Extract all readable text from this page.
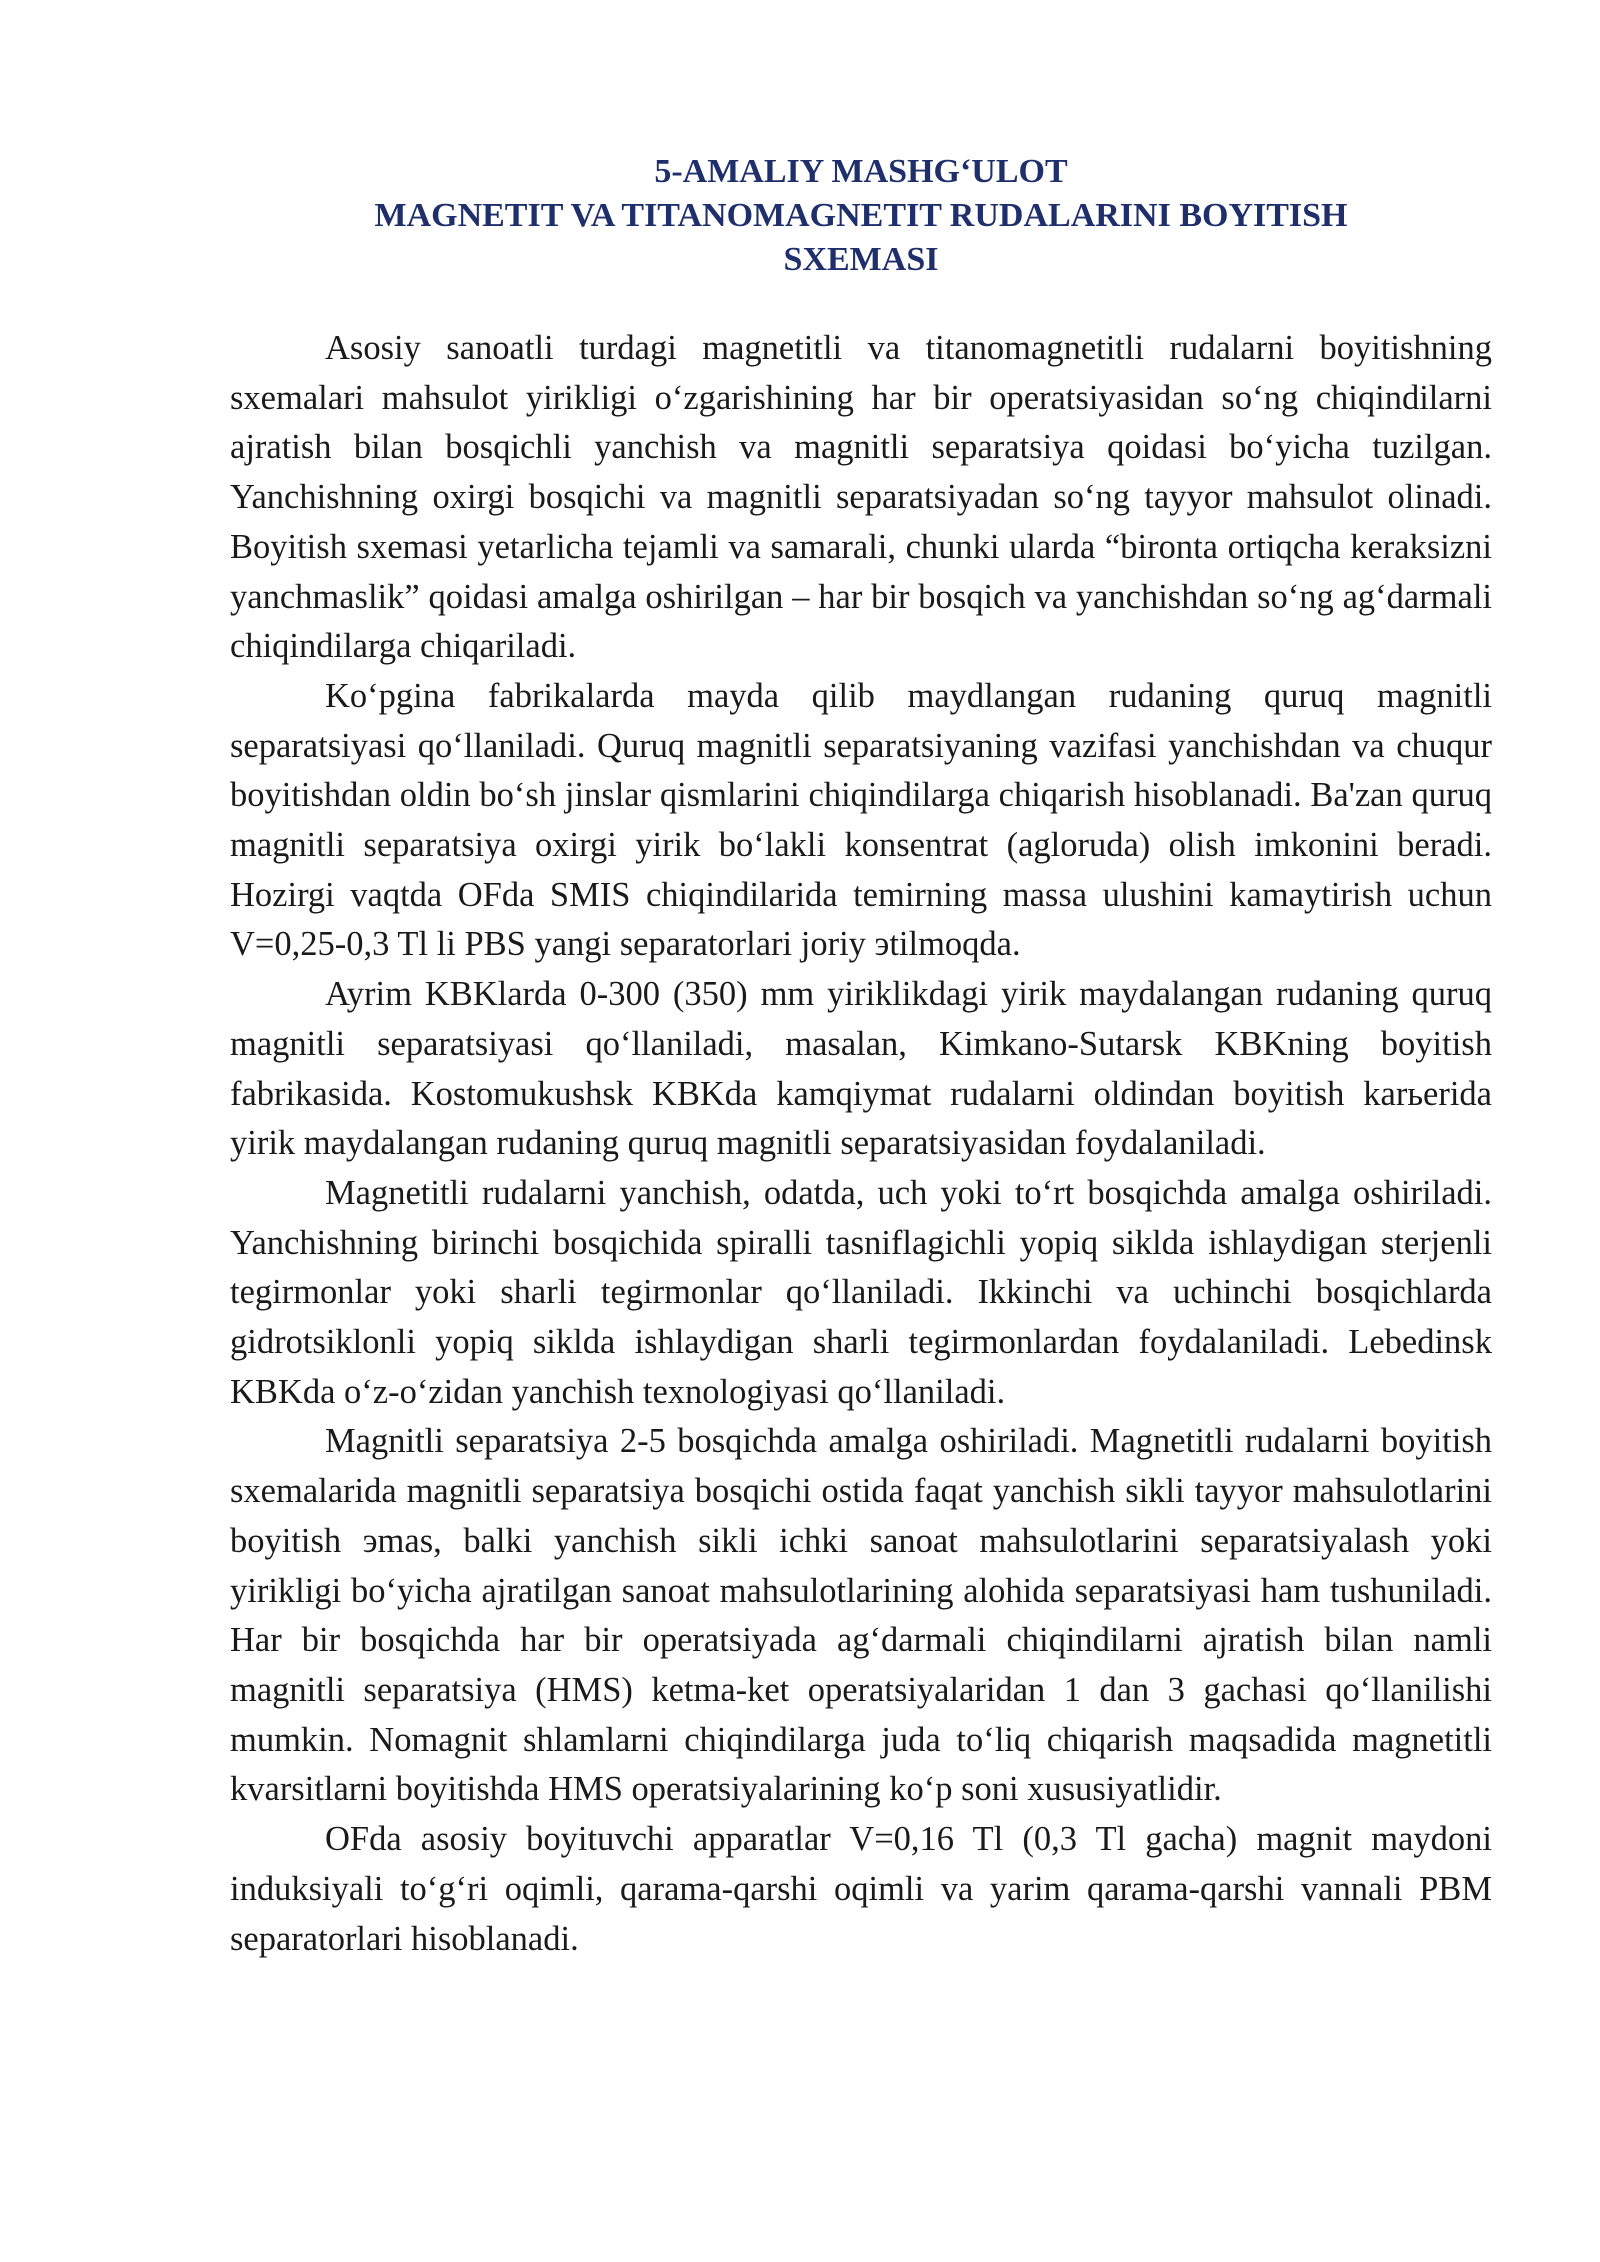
5-AMALIY MASHG‘ULOT
MAGNETIT VA TITANOMAGNETIT RUDALARINI BOYITISH
SXEMASI

Asosiy sanoatli turdagi magnetitli va titanomagnetitli rudalarni boyitishning sxemalari mahsulot yirikligi o‘zgarishining har bir operatsiyasidan so‘ng chiqindilarni ajratish bilan bosqichli yanchish va magnitli separatsiya qoidasi bo‘yicha tuzilgan. Yanchishning oxirgi bosqichi va magnitli separatsiyadan so‘ng tayyor mahsulot olinadi. Boyitish sxemasi yetarlicha tejamli va samarali, chunki ularda “bironta ortiqcha keraksizni yanchmaslik” qoidasi amalga oshirilgan – har bir bosqich va yanchishdan so‘ng ag‘darmali chiqindilarga chiqariladi.

Ko‘pgina fabrikalarda mayda qilib maydlangan rudaning quruq magnitli separatsiyasi qo‘llaniladi. Quruq magnitli separatsiyaning vazifasi yanchishdan va chuqur boyitishdan oldin bo‘sh jinslar qismlarini chiqindilarga chiqarish hisoblanadi. Ba'zan quruq magnitli separatsiya oxirgi yirik bo‘lakli konsentrat (agloruda) olish imkonini beradi. Hozirgi vaqtda OFda SMIS chiqindilarida temirning massa ulushini kamaytirish uchun V=0,25-0,3 Tl li PBS yangi separatorlari joriy эtilmoqda.

Ayrim KBKlarda 0-300 (350) mm yiriklikdagi yirik maydalangan rudaning quruq magnitli separatsiyasi qo‘llaniladi, masalan, Kimkano-Sutarsk KBKning boyitish fabrikasida. Kostomukushsk KBKda kamqiymat rudalarni oldindan boyitish karьerida yirik maydalangan rudaning quruq magnitli separatsiyasidan foydalaniladi.

Magnetitli rudalarni yanchish, odatda, uch yoki to‘rt bosqichda amalga oshiriladi. Yanchishning birinchi bosqichida spiralli tasniflagichli yopiq siklda ishlaydigan sterjenli tegirmonlar yoki sharli tegirmonlar qo‘llaniladi. Ikkinchi va uchinchi bosqichlarda gidrotsiklonli yopiq siklda ishlaydigan sharli tegirmonlardan foydalaniladi. Lebedinsk KBKda o‘z-o‘zidan yanchish texnologiyasi qo‘llaniladi.

Magnitli separatsiya 2-5 bosqichda amalga oshiriladi. Magnetitli rudalarni boyitish sxemalarida magnitli separatsiya bosqichi ostida faqat yanchish sikli tayyor mahsulotlarini boyitish эmas, balki yanchish sikli ichki sanoat mahsulotlarini separatsiyalash yoki yirikligi bo‘yicha ajratilgan sanoat mahsulotlarining alohida separatsiyasi ham tushuniladi. Har bir bosqichda har bir operatsiyada ag‘darmali chiqindilarni ajratish bilan namli magnitli separatsiya (HMS) ketma-ket operatsiyalaridan 1 dan 3 gachasi qo‘llanilishi mumkin. Nomagnit shlamlarni chiqindilarga juda to‘liq chiqarish maqsadida magnetitli kvarsitlarni boyitishda HMS operatsiyalarining ko‘p soni xususiyatlidir.

OFda asosiy boyituvchi apparatlar V=0,16 Tl (0,3 Tl gacha) magnit maydoni induksiyali to‘g‘ri oqimli, qarama-qarshi oqimli va yarim qarama-qarshi vannali PBM separatorlari hisoblanadi.
